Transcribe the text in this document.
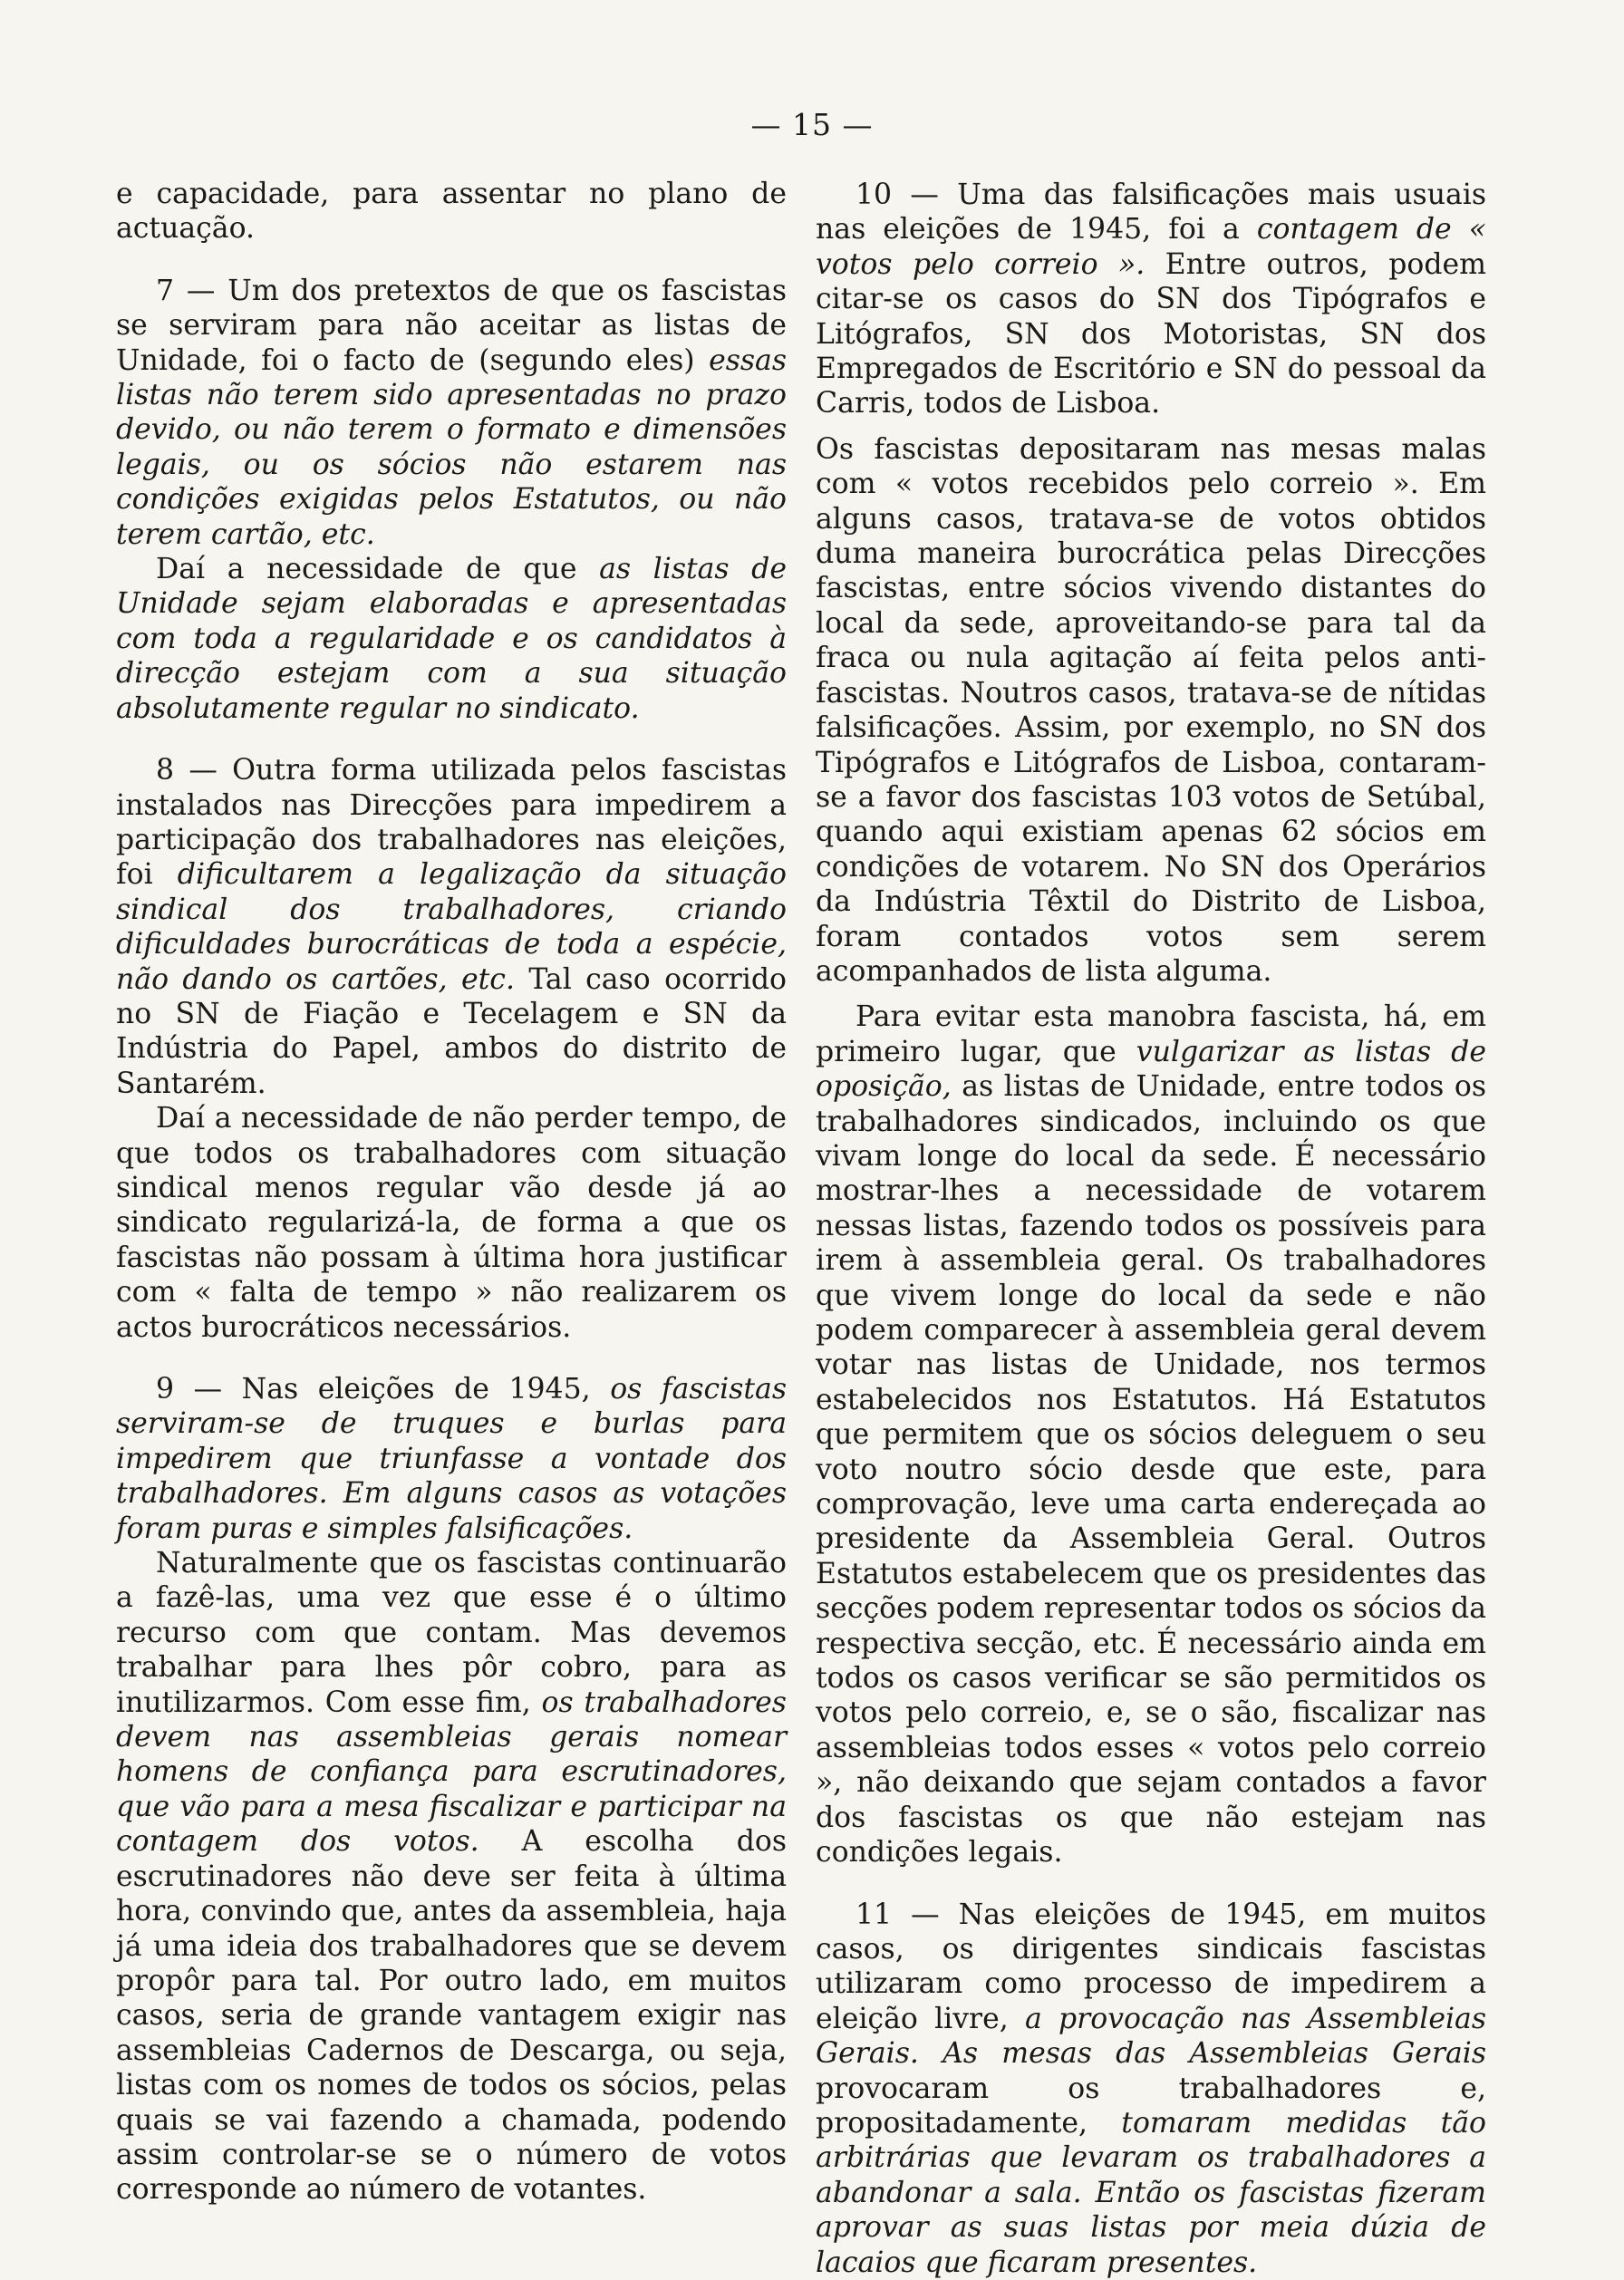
— 15 —

e capacidade, para assentar no plano de actuação.

7 — Um dos pretextos de que os fascistas se serviram para não aceitar as listas de Unidade, foi o facto de (segundo eles) essas listas não terem sido apresentadas no prazo devido, ou não terem o formato e dimensões legais, ou os sócios não estarem nas condições exigidas pelos Estatutos, ou não terem cartão, etc.

Daí a necessidade de que as listas de Unidade sejam elaboradas e apresentadas com toda a regularidade e os candidatos à direcção estejam com a sua situação absolutamente regular no sindicato.

8 — Outra forma utilizada pelos fascistas instalados nas Direcções para impedirem a participação dos trabalhadores nas eleições, foi dificultarem a legalização da situação sindical dos trabalhadores, criando dificuldades burocráticas de toda a espécie, não dando os cartões, etc. Tal caso ocorrido no SN de Fiação e Tecelagem e SN da Indústria do Papel, ambos do distrito de Santarém.

Daí a necessidade de não perder tempo, de que todos os trabalhadores com situação sindical menos regular vão desde já ao sindicato regularizá-la, de forma a que os fascistas não possam à última hora justificar com « falta de tempo » não realizarem os actos burocráticos necessários.

9 — Nas eleições de 1945, os fascistas serviram-se de truques e burlas para impedirem que triunfasse a vontade dos trabalhadores. Em alguns casos as votações foram puras e simples falsificações.

Naturalmente que os fascistas continuarão a fazê-las, uma vez que esse é o último recurso com que contam. Mas devemos trabalhar para lhes pôr cobro, para as inutilizarmos. Com esse fim, os trabalhadores devem nas assembleias gerais nomear homens de confiança para escrutinadores, que vão para a mesa fiscalizar e participar na contagem dos votos. A escolha dos escrutinadores não deve ser feita à última hora, convindo que, antes da assembleia, haja já uma ideia dos trabalhadores que se devem propôr para tal. Por outro lado, em muitos casos, seria de grande vantagem exigir nas assembleias Cadernos de Descarga, ou seja, listas com os nomes de todos os sócios, pelas quais se vai fazendo a chamada, podendo assim controlar-se se o número de votos corresponde ao número de votantes.

10 — Uma das falsificações mais usuais nas eleições de 1945, foi a contagem de « votos pelo correio ». Entre outros, podem citar-se os casos do SN dos Tipógrafos e Litógrafos, SN dos Motoristas, SN dos Empregados de Escritório e SN do pessoal da Carris, todos de Lisboa.

Os fascistas depositaram nas mesas malas com « votos recebidos pelo correio ». Em alguns casos, tratava-se de votos obtidos duma maneira burocrática pelas Direcções fascistas, entre sócios vivendo distantes do local da sede, aproveitando-se para tal da fraca ou nula agitação aí feita pelos anti-fascistas. Noutros casos, tratava-se de nítidas falsificações. Assim, por exemplo, no SN dos Tipógrafos e Litógrafos de Lisboa, contaram-se a favor dos fascistas 103 votos de Setúbal, quando aqui existiam apenas 62 sócios em condições de votarem. No SN dos Operários da Indústria Têxtil do Distrito de Lisboa, foram contados votos sem serem acompanhados de lista alguma.

Para evitar esta manobra fascista, há, em primeiro lugar, que vulgarizar as listas de oposição, as listas de Unidade, entre todos os trabalhadores sindicados, incluindo os que vivam longe do local da sede. É necessário mostrar-lhes a necessidade de votarem nessas listas, fazendo todos os possíveis para irem à assembleia geral. Os trabalhadores que vivem longe do local da sede e não podem comparecer à assembleia geral devem votar nas listas de Unidade, nos termos estabelecidos nos Estatutos. Há Estatutos que permitem que os sócios deleguem o seu voto noutro sócio desde que este, para comprovação, leve uma carta endereçada ao presidente da Assembleia Geral. Outros Estatutos estabelecem que os presidentes das secções podem representar todos os sócios da respectiva secção, etc. É necessário ainda em todos os casos verificar se são permitidos os votos pelo correio, e, se o são, fiscalizar nas assembleias todos esses « votos pelo correio », não deixando que sejam contados a favor dos fascistas os que não estejam nas condições legais.

11 — Nas eleições de 1945, em muitos casos, os dirigentes sindicais fascistas utilizaram como processo de impedirem a eleição livre, a provocação nas Assembleias Gerais. As mesas das Assembleias Gerais provocaram os trabalhadores e, propositadamente, tomaram medidas tão arbitrárias que levaram os trabalhadores a abandonar a sala. Então os fascistas fizeram aprovar as suas listas por meia dúzia de lacaios que ficaram presentes.
